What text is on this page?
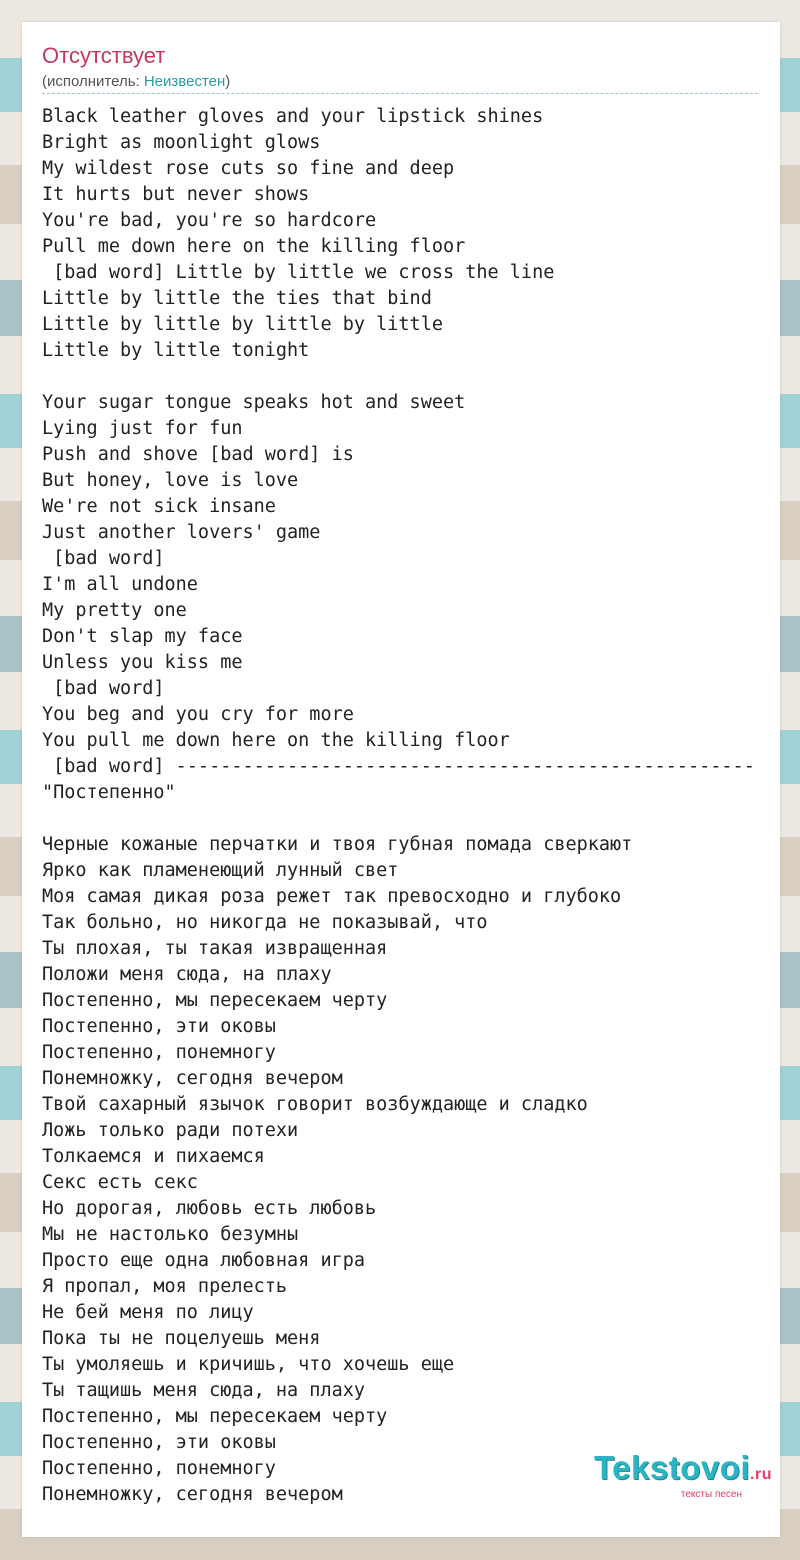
Отсутствует
(исполнитель: Неизвестен)
Black leather gloves and your lipstick shines
Bright as moonlight glows
My wildest rose cuts so fine and deep
It hurts but never shows
You're bad, you're so hardcore
Pull me down here on the killing floor
[bad word] Little by little we cross the line
Little by little the ties that bind
Little by little by little by little
Little by little tonight

Your sugar tongue speaks hot and sweet
Lying just for fun
Push and shove [bad word] is
But honey, love is love
We're not sick insane
Just another lovers' game
[bad word]
I'm all undone
My pretty one
Don't slap my face
Unless you kiss me
[bad word]
You beg and you cry for more
You pull me down here on the killing floor
[bad word] ----------------------------------------------------
"Постепенно"

Черные кожаные перчатки и твоя губная помада сверкают
Ярко как пламенеющий лунный свет
Моя самая дикая роза режет так превосходно и глубоко
Так больно, но никогда не показывай, что
Ты плохая, ты такая извращенная
Положи меня сюда, на плаху
Постепенно, мы пересекаем черту
Постепенно, эти оковы
Постепенно, понемногу
Понемножку, сегодня вечером
Твой сахарный язычок говорит возбуждающе и сладко
Ложь только ради потехи
Толкаемся и пихаемся
Секс есть секс
Но дорогая, любовь есть любовь
Мы не настолько безумны
Просто еще одна любовная игра
Я пропал, моя прелесть
Не бей меня по лицу
Пока ты не поцелуешь меня
Ты умоляешь и кричишь, что хочешь еще
Ты тащишь меня сюда, на плаху
Постепенно, мы пересекаем черту
Постепенно, эти оковы
Постепенно, понемногу
Понемножку, сегодня вечером
Tekstovoi.ru
тексты песен
